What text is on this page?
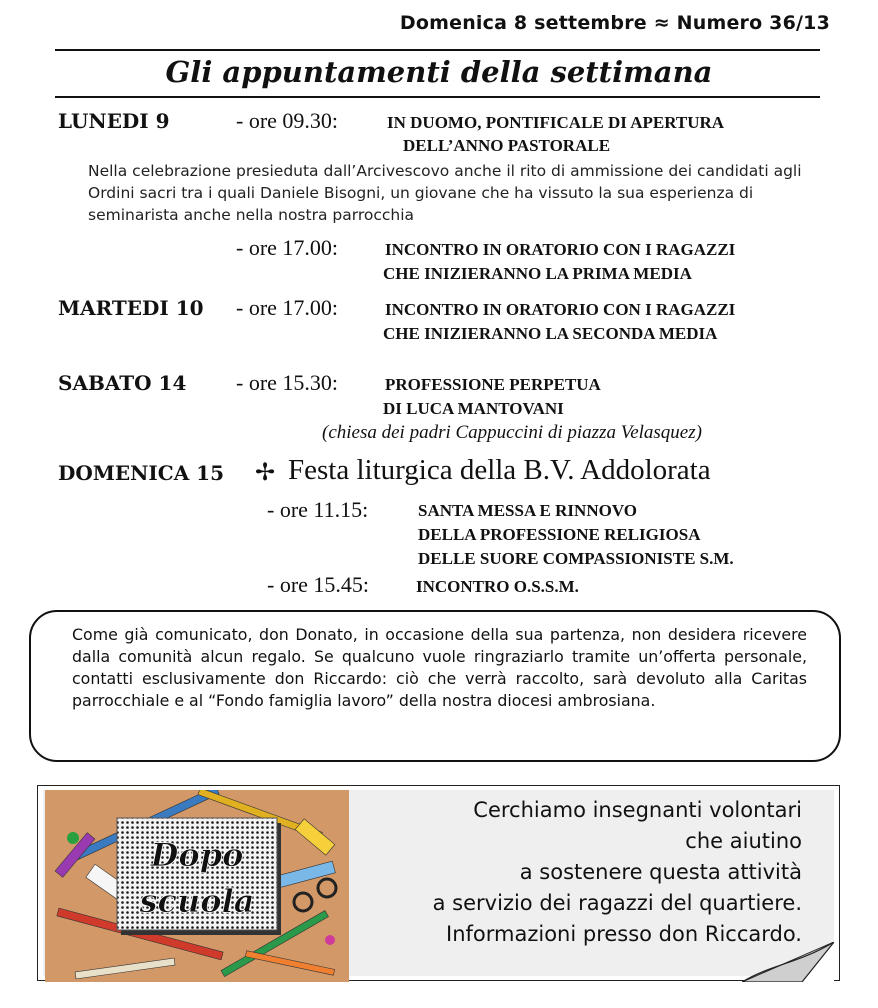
Domenica 8 settembre ≈ Numero 36/13
Gli appuntamenti della settimana
LUNEDI 9	- ore 09.30:	IN DUOMO, PONTIFICALE DI APERTURA
DELL’ANNO PASTORALE
Nella celebrazione presieduta dall’Arcivescovo anche il rito di ammissione dei candidati agli Ordini sacri tra i quali Daniele Bisogni, un giovane che ha vissuto la sua esperienza di seminarista anche nella nostra parrocchia
- ore 17.00:	INCONTRO IN ORATORIO CON I RAGAZZI
CHE INIZIERANNO LA PRIMA MEDIA
MARTEDI 10 - ore 17.00:	INCONTRO IN ORATORIO CON I RAGAZZI
CHE INIZIERANNO LA SECONDA MEDIA
SABATO 14 - ore 15.30:	PROFESSIONE PERPETUA
DI LUCA MANTOVANI
(chiesa dei padri Cappuccini di piazza Velasquez)
DOMENICA 15 ✢ Festa liturgica della B.V. Addolorata
- ore 11.15:	SANTA MESSA E RINNOVO
DELLA PROFESSIONE RELIGIOSA
DELLE SUORE COMPASSIONISTE S.M.
- ore 15.45:	INCONTRO O.S.S.M.
Come già comunicato, don Donato, in occasione della sua partenza, non desidera ricevere dalla comunità alcun regalo. Se qualcuno vuole ringraziarlo tramite un’offerta personale, contatti esclusivamente don Riccardo: ciò che verrà raccolto, sarà devoluto alla Caritas parrocchiale e al “Fondo famiglia lavoro” della nostra diocesi ambrosiana.
Dopo
scuola
Cerchiamo insegnanti volontari
che aiutino
a sostenere questa attività
a servizio dei ragazzi del quartiere.
Informazioni presso don Riccardo.
